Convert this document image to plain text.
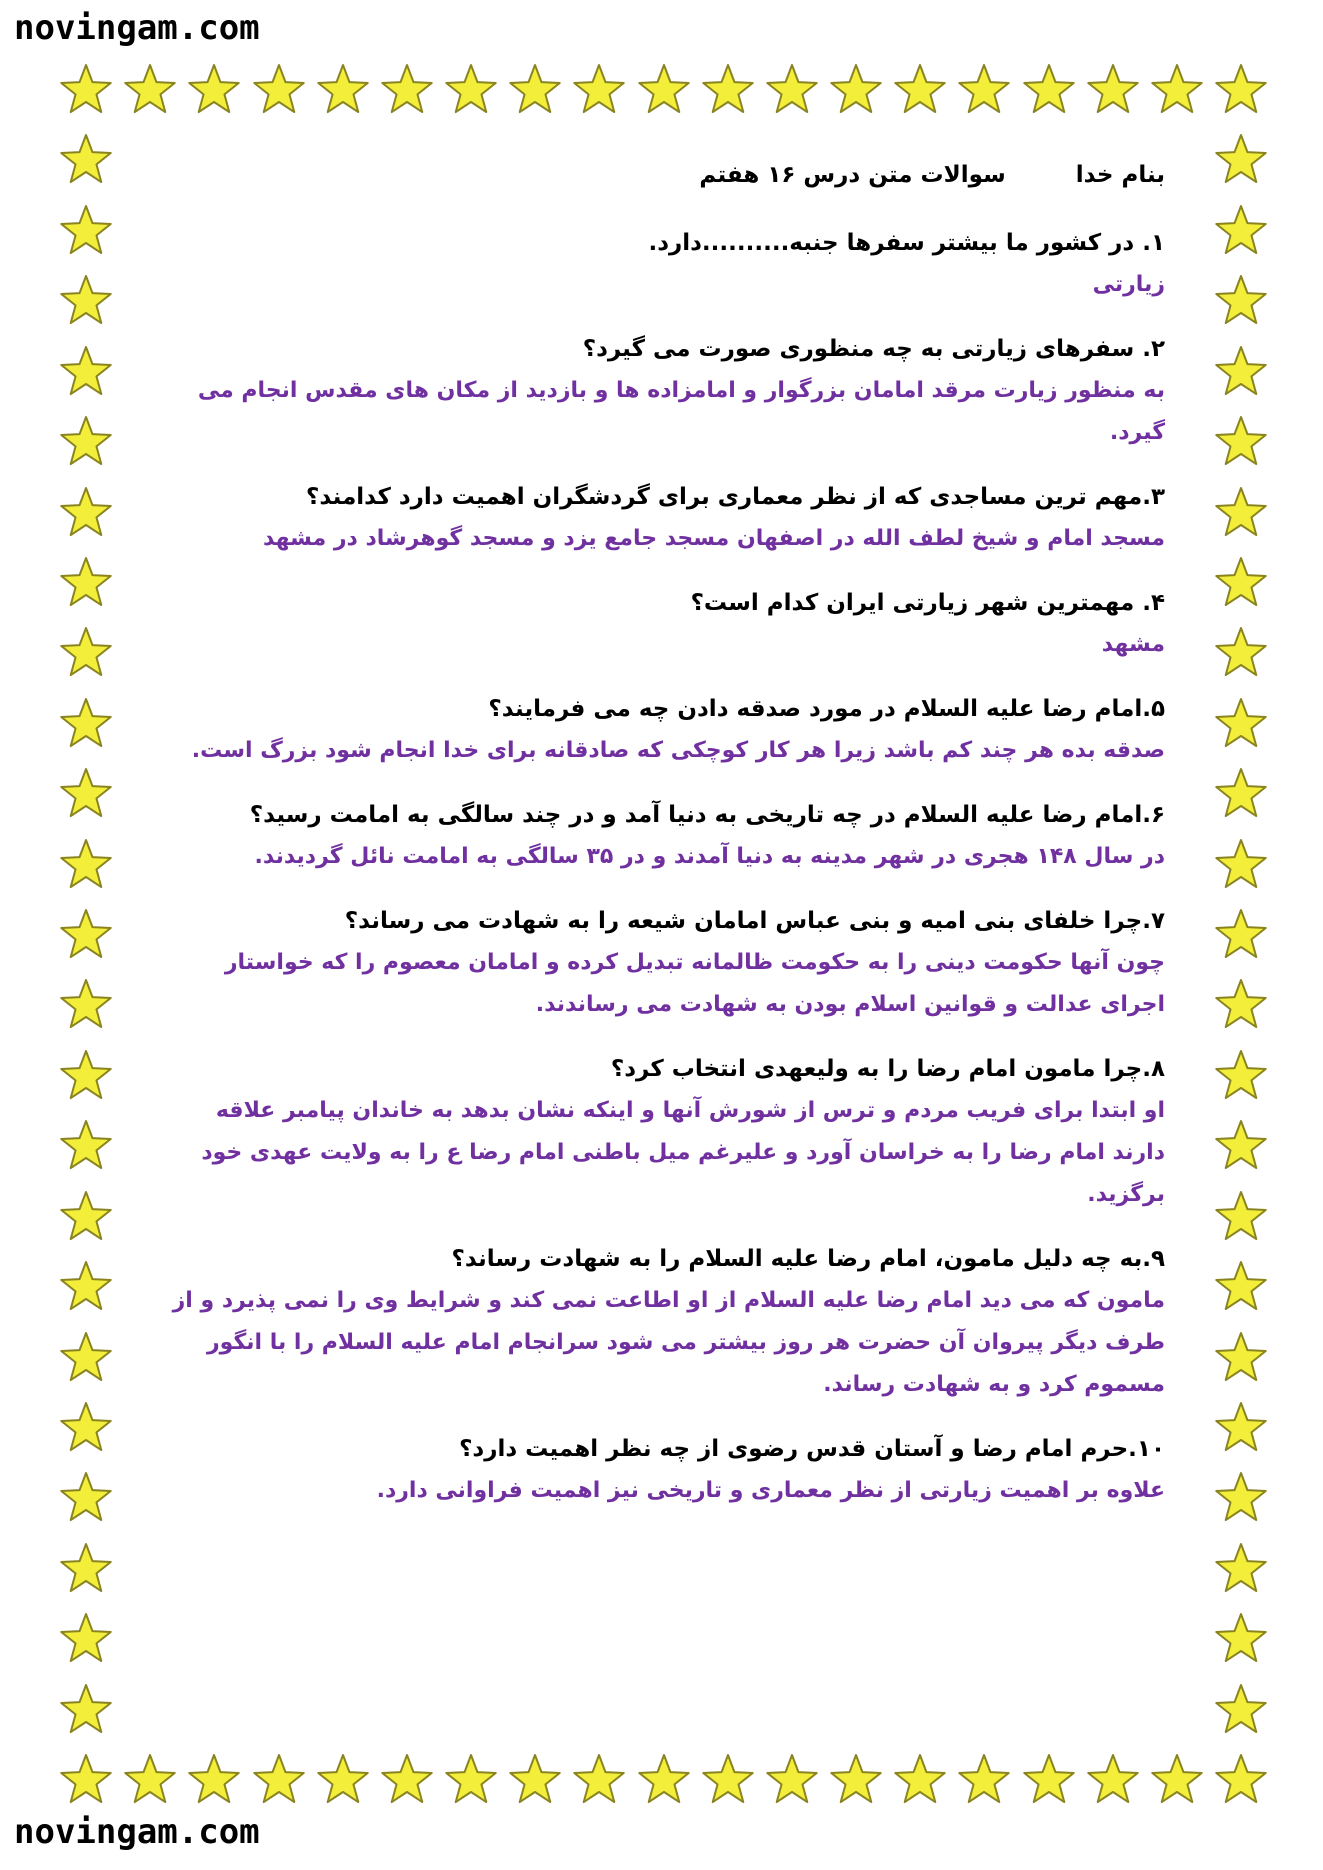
novingam.com
novingam.com
بنام خداسوالات متن درس ۱۶ هفتم
۱. در کشور ما بیشتر سفرها جنبه..........دارد.
زیارتی
۲. سفرهای زیارتی به چه منظوری صورت می گیرد؟
به منظور زیارت مرقد امامان بزرگوار و امامزاده ها و بازدید از مکان های مقدس انجام می گیرد.
۳.مهم ترین مساجدی که از نظر معماری برای گردشگران اهمیت دارد کدامند؟
مسجد امام و شیخ لطف الله در اصفهان مسجد جامع یزد و مسجد گوهرشاد در مشهد
۴. مهمترین شهر زیارتی ایران کدام است؟
مشهد
۵.امام رضا علیه السلام در مورد صدقه دادن چه می فرمایند؟
صدقه بده هر چند کم باشد زیرا هر کار کوچکی که صادقانه برای خدا انجام شود بزرگ است.
۶.امام رضا علیه السلام در چه تاریخی به دنیا آمد و در چند سالگی به امامت رسید؟
در سال ۱۴۸ هجری در شهر مدینه به دنیا آمدند و در ۳۵ سالگی به امامت نائل گردیدند.
۷.چرا خلفای بنی امیه و بنی عباس امامان شیعه را به شهادت می رساند؟
چون آنها حکومت دینی را به حکومت ظالمانه تبدیل کرده و امامان معصوم را که خواستار اجرای عدالت و قوانین اسلام بودن به شهادت می رساندند.
۸.چرا مامون امام رضا را به ولیعهدی انتخاب کرد؟
او ابتدا برای فریب مردم و ترس از شورش آنها و اینکه نشان بدهد به خاندان پیامبر علاقه دارند امام رضا را به خراسان آورد و علیرغم میل باطنی امام رضا ع را به ولایت عهدی خود برگزید.
۹.به چه دلیل مامون، امام رضا علیه السلام را به شهادت رساند؟
مامون که می دید امام رضا علیه السلام از او اطاعت نمی کند و شرایط وی را نمی پذیرد و از طرف دیگر پیروان آن حضرت هر روز بیشتر می شود سرانجام امام علیه السلام را با انگور مسموم کرد و به شهادت رساند.
۱۰.حرم امام رضا و آستان قدس رضوی از چه نظر اهمیت دارد؟
علاوه بر اهمیت زیارتی از نظر معماری و تاریخی نیز اهمیت فراوانی دارد.
